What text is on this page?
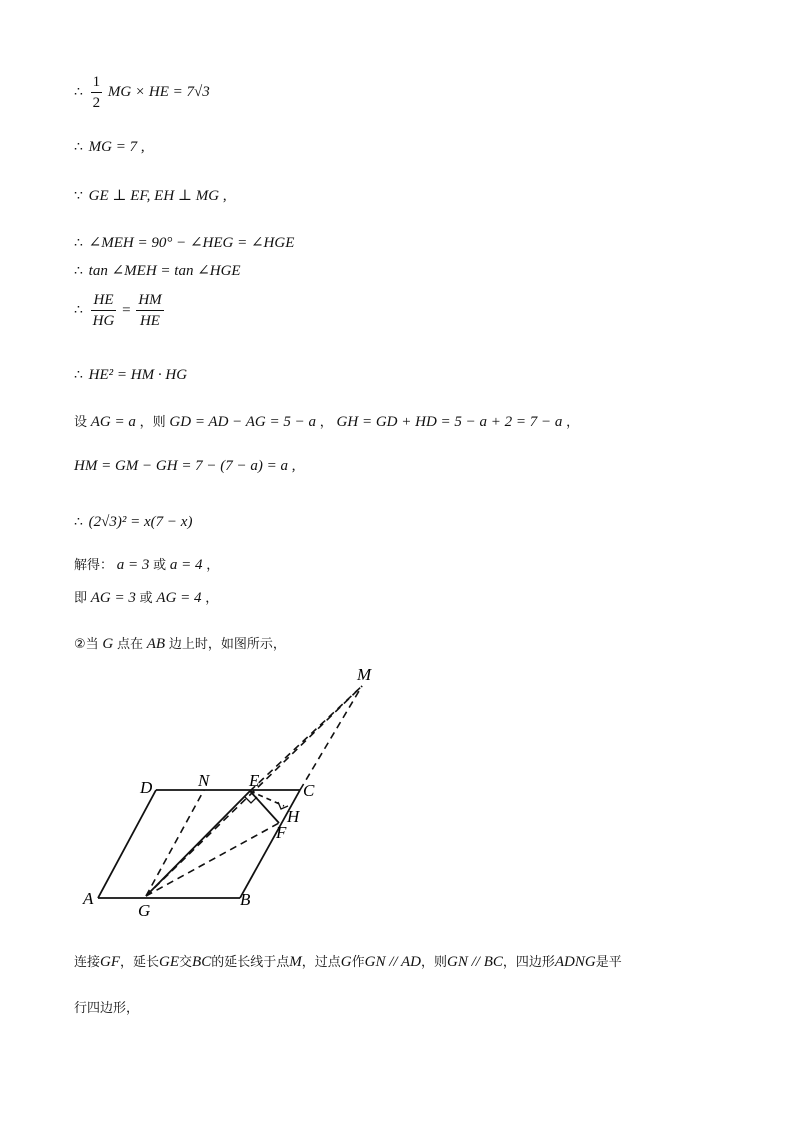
∴ $\frac{1}{2}$ MG × HE = 7√3
∴ MG = 7 ,
∵ GE ⊥ EF, EH ⊥ MG ,
∴ ∠MEH = 90° − ∠HEG = ∠HGE
∴ tan ∠MEH = tan ∠HGE
∴ $\frac{HE}{HG} = \frac{HM}{HE}$
∴ HE² = HM · HG
设 AG = a ，则 GD = AD − AG = 5 − a ， GH = GD + HD = 5 − a + 2 = 7 − a ，
HM = GM − GH = 7 − (7 − a) = a ,
∴ (2√3)² = x(7 − x)
解得： a = 3 或 a = 4 ，
即 AG = 3 或 AG = 4 ，
②当 G 点在 AB 边上时，如图所示，
M
D	N E
C
H
F
A
G
B
连接GF，延长GE交BC的延长线于点M，过点G作GN // AD，则GN // BC，四边形ADNG是平
行四边形，
